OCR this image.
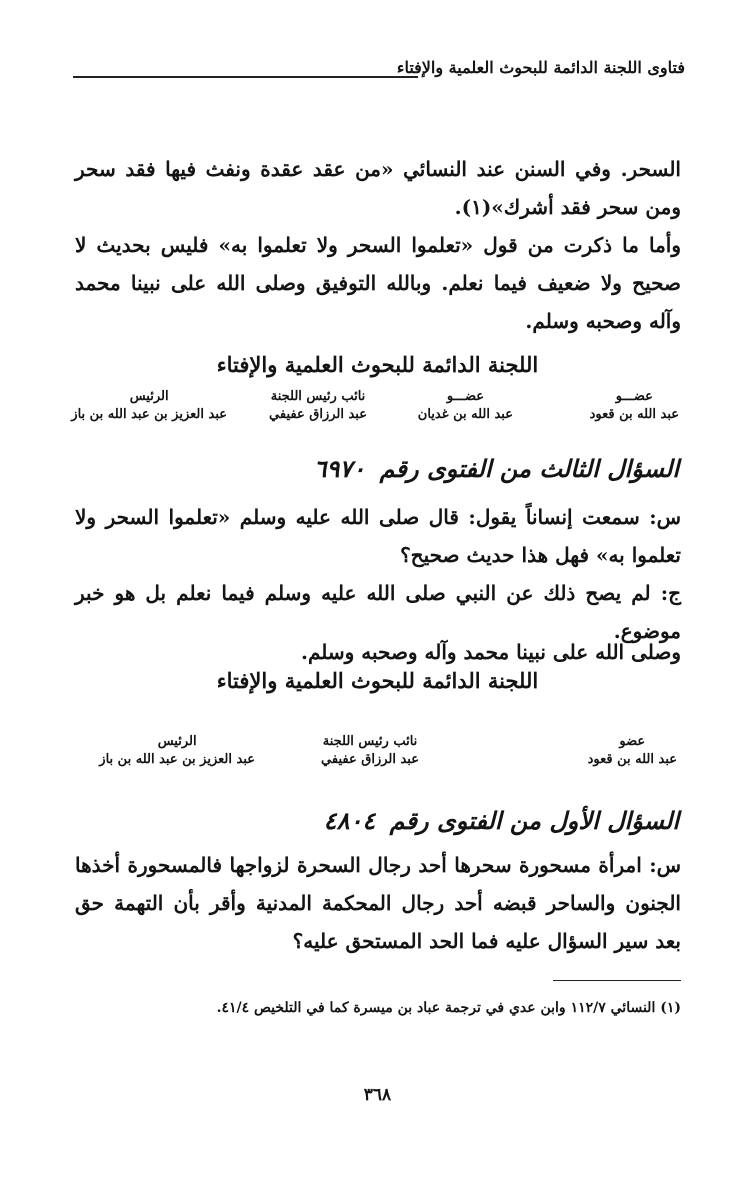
فتاوى اللجنة الدائمة للبحوث العلمية والإفتاء
السحر. وفي السنن عند النسائي «من عقد عقدة ونفث فيها فقد سحر ومن سحر فقد أشرك»(١).
وأما ما ذكرت من قول «تعلموا السحر ولا تعلموا به» فليس بحديث لا صحيح ولا ضعيف فيما نعلم. وبالله التوفيق وصلى الله على نبينا محمد وآله وصحبه وسلم.
اللجنة الدائمة للبحوث العلمية والإفتاء
عضـــو
عبد الله بن قعود
عضـــو
عبد الله بن غديان
نائب رئيس اللجنة
عبد الرزاق عفيفي
الرئيس
عبد العزيز بن عبد الله بن باز
السؤال الثالث من الفتوى رقم ٦٩٧٠
س: سمعت إنساناً يقول: قال صلى الله عليه وسلم «تعلموا السحر ولا تعلموا به» فهل هذا حديث صحيح؟
ج: لم يصح ذلك عن النبي صلى الله عليه وسلم فيما نعلم بل هو خبر موضوع.
وصلى الله على نبينا محمد وآله وصحبه وسلم.
اللجنة الدائمة للبحوث العلمية والإفتاء
عضو
عبد الله بن قعود
نائب رئيس اللجنة
عبد الرزاق عفيفي
الرئيس
عبد العزيز بن عبد الله بن باز
السؤال الأول من الفتوى رقم ٤٨٠٤
س: امرأة مسحورة سحرها أحد رجال السحرة لزواجها فالمسحورة أخذها الجنون والساحر قبضه أحد رجال المحكمة المدنية وأقر بأن التهمة حق بعد سير السؤال عليه فما الحد المستحق عليه؟
(١) النسائي ١١٢/٧ وابن عدي في ترجمة عباد بن ميسرة كما في التلخيص ٤١/٤.
٣٦٨
